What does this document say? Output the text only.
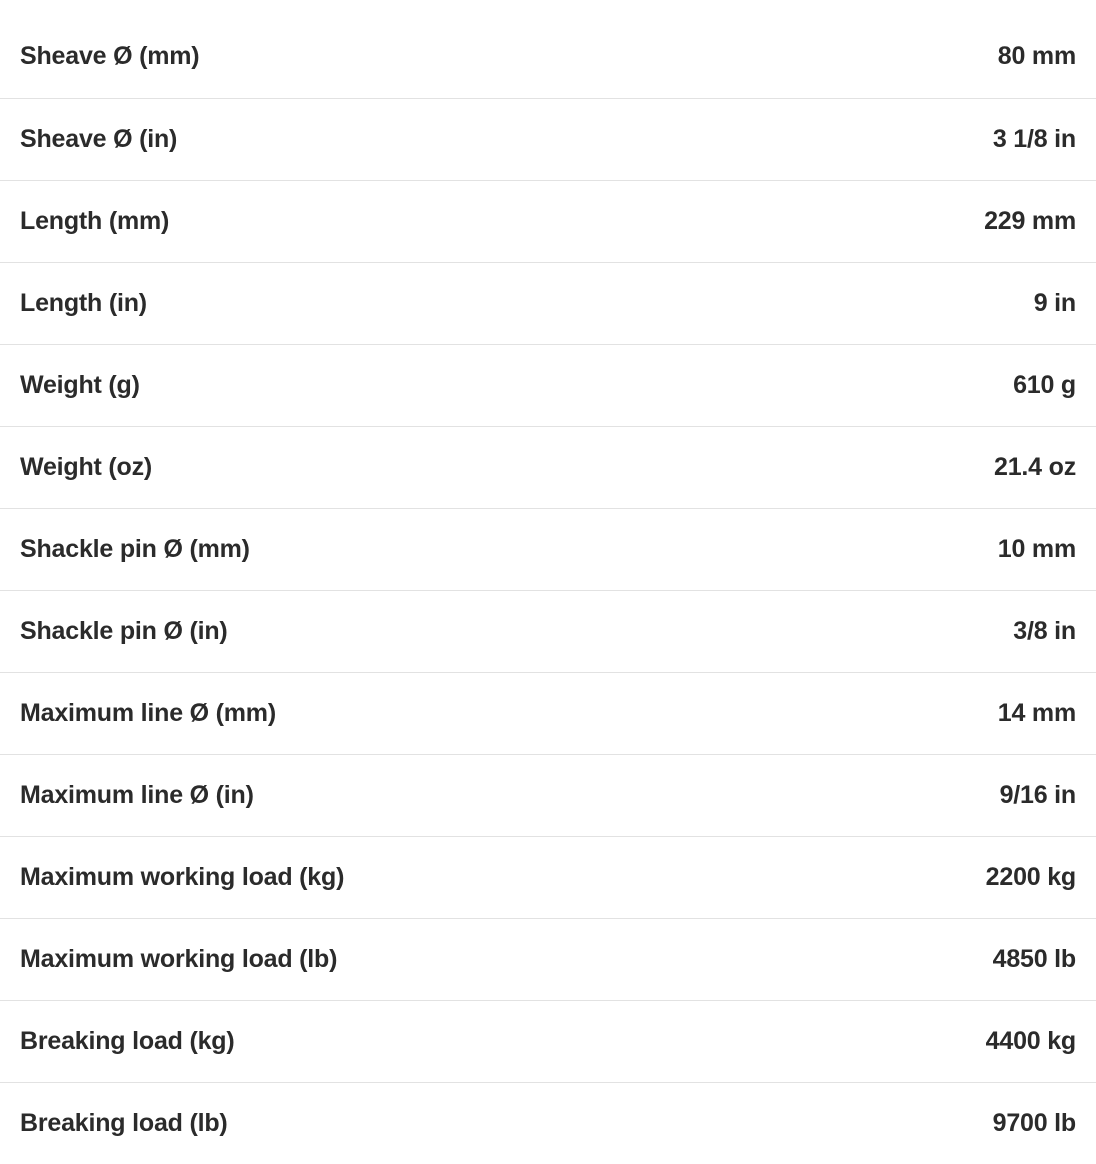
Sheave Ø (mm)	80 mm
Sheave Ø (in)	3 1/8 in
Length (mm)	229 mm
Length (in)	9 in
Weight (g)	610 g
Weight (oz)	21.4 oz
Shackle pin Ø (mm)	10 mm
Shackle pin Ø (in)	3/8 in
Maximum line Ø (mm)	14 mm
Maximum line Ø (in)	9/16 in
Maximum working load (kg)	2200 kg
Maximum working load (lb)	4850 lb
Breaking load (kg)	4400 kg
Breaking load (lb)	9700 lb
